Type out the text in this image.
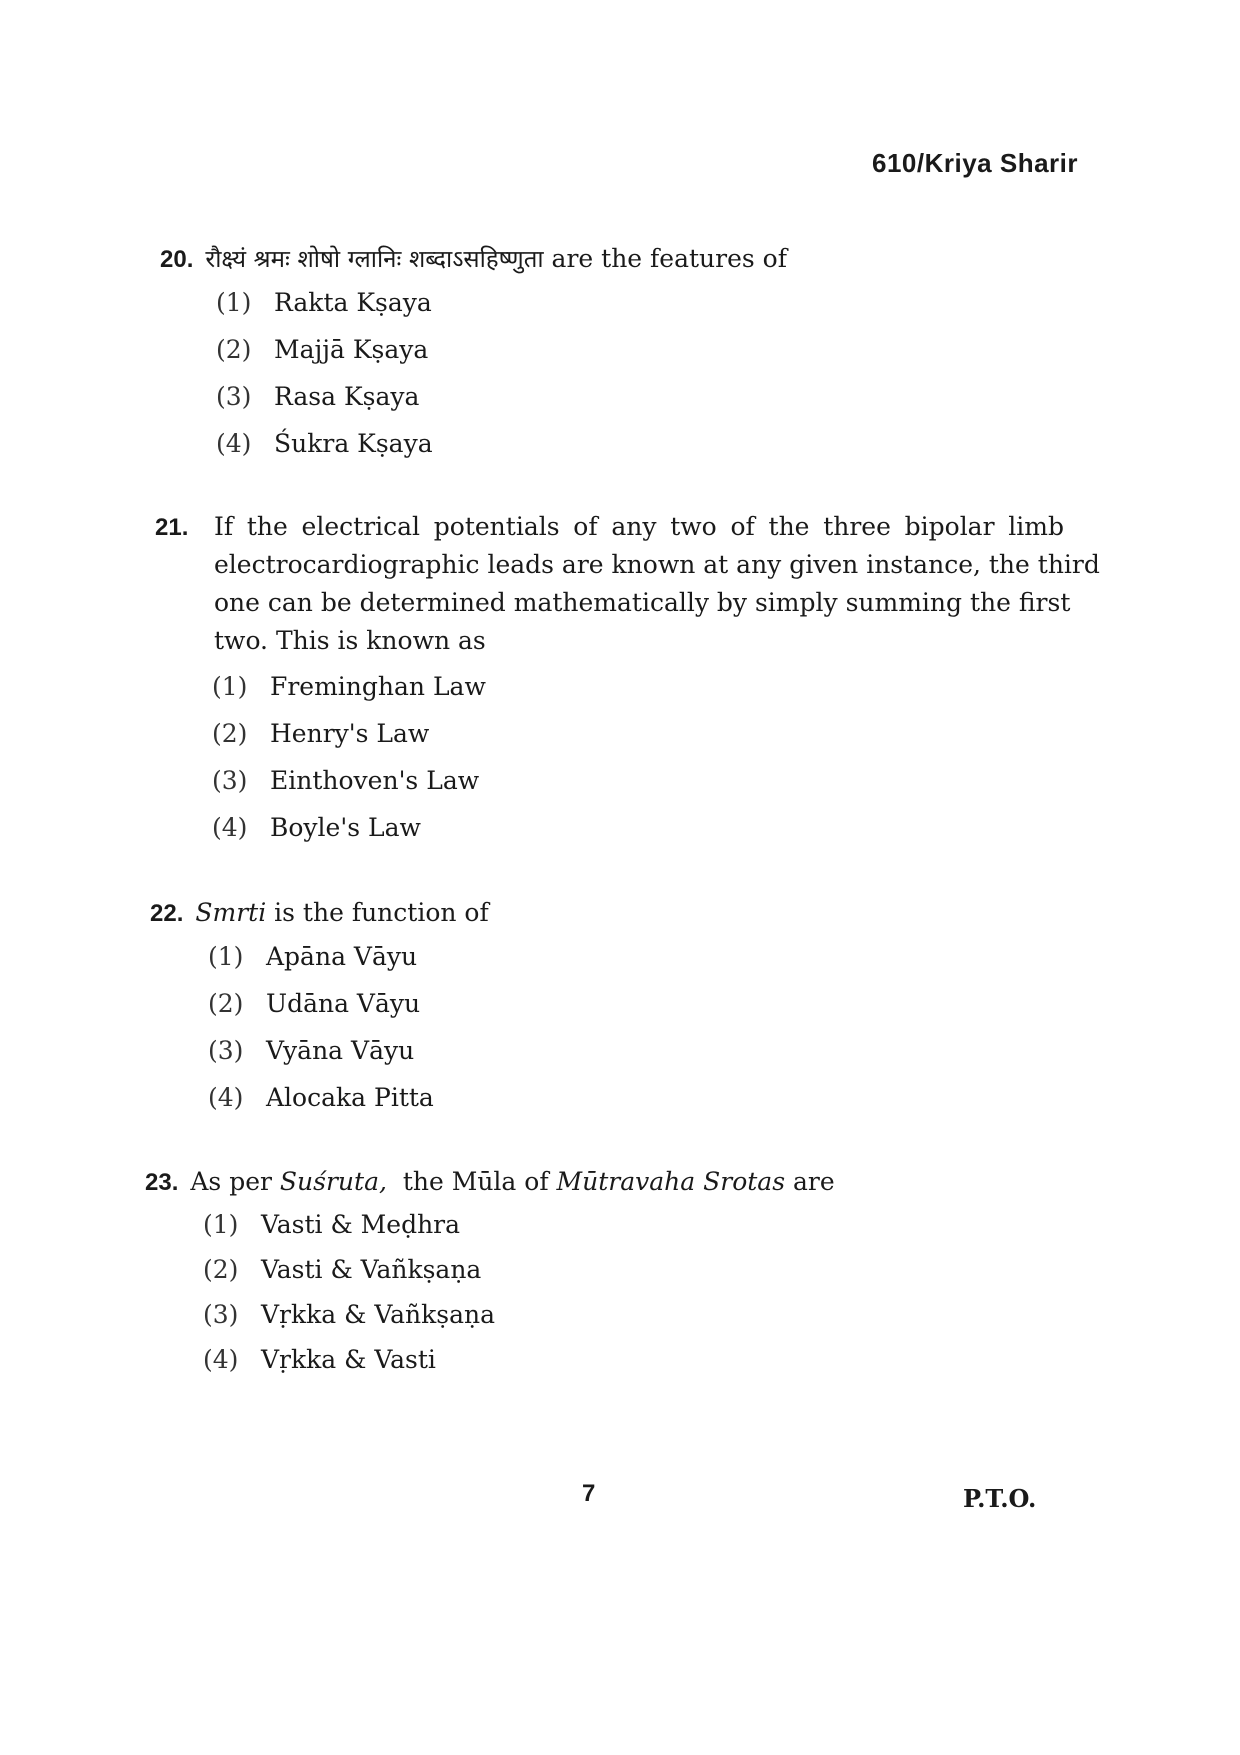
610/Kriya Sharir
20. रौक्ष्यं श्रमः शोषो ग्लानिः शब्दाऽसहिष्णुता are the features of
(1) Rakta Kṣaya
(2) Majjā Kṣaya
(3) Rasa Kṣaya
(4) Śukra Kṣaya
21.	If the electrical potentials of any two of the three bipolar limb
electrocardiographic leads are known at any given instance, the third
one can be determined mathematically by simply summing the first
two. This is known as
(1) Freminghan Law
(2) Henry's Law
(3) Einthoven's Law
(4) Boyle's Law
22. Smrti is the function of
(1) Apāna Vāyu
(2) Udāna Vāyu
(3) Vyāna Vāyu
(4) Alocaka Pitta
23. As per Suśruta, the Mūla of Mūtravaha Srotas are
(1) Vasti & Meḍhra
(2) Vasti & Vañkṣaṇa
(3) Vṛkka & Vañkṣaṇa
(4) Vṛkka & Vasti
7	P.T.O.
